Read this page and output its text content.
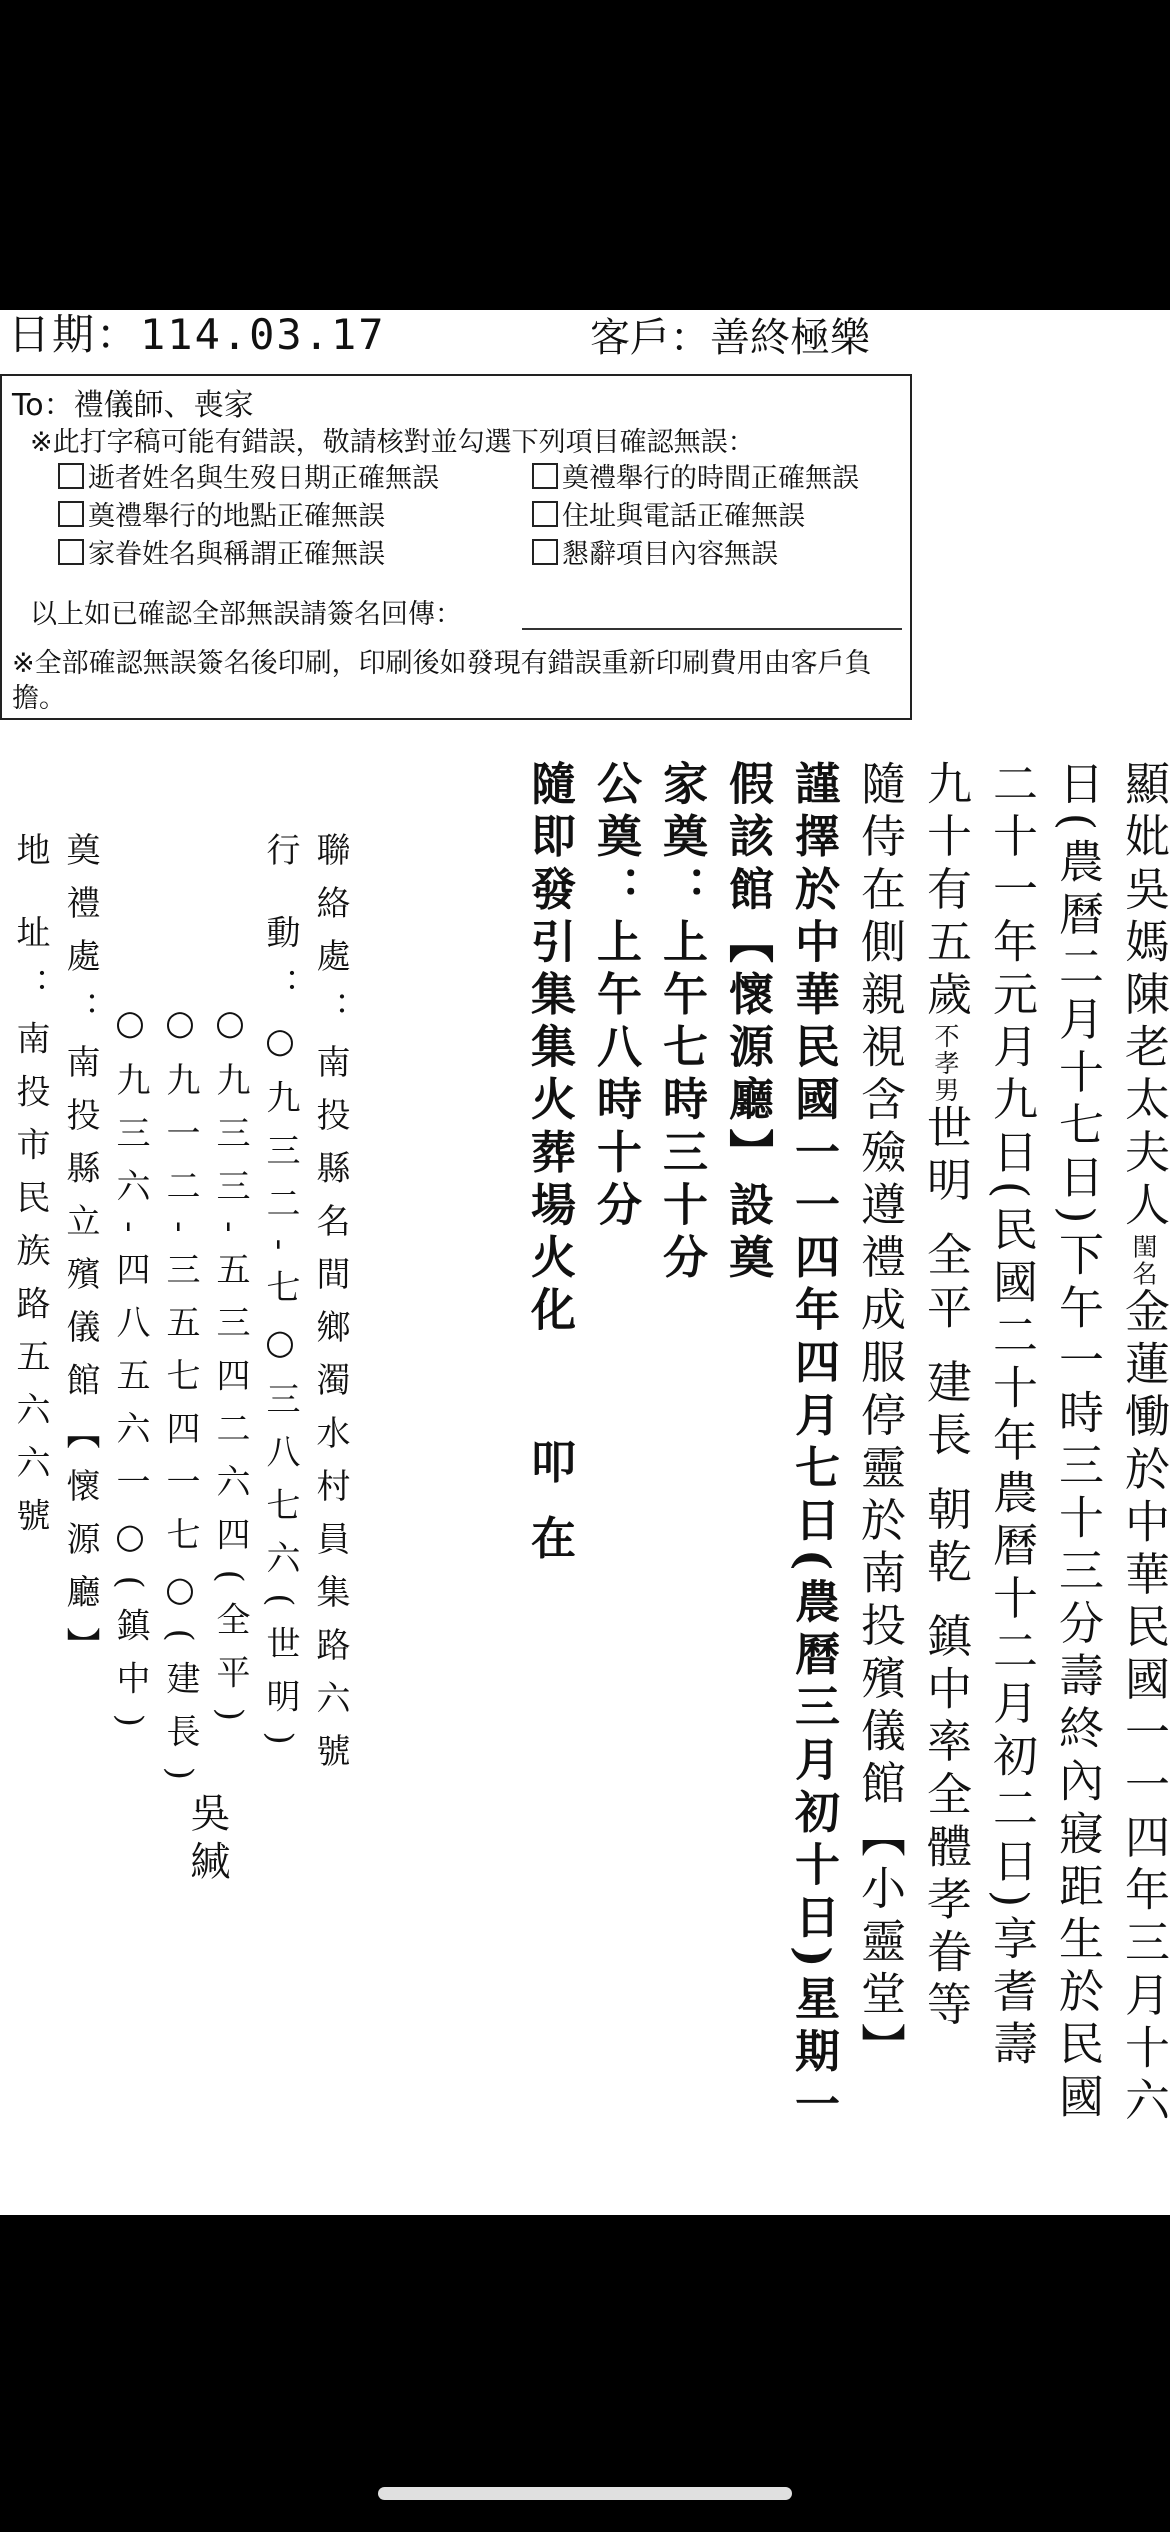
日期：114.03.17	客戶：善終極樂
To：禮儀師、喪家
※此打字稿可能有錯誤，敬請核對並勾選下列項目確認無誤：
逝者姓名與生歿日期正確無誤	奠禮舉行的時間正確無誤
奠禮舉行的地點正確無誤	住址與電話正確無誤
家眷姓名與稱謂正確無誤	懇辭項目內容無誤
以上如已確認全部無誤請簽名回傳：
※全部確認無誤簽名後印刷，印刷後如發現有錯誤重新印刷費用由客戶負擔。
顯妣吳媽陳老太夫人閨名金蓮慟於中華民國一一四年三月十六
日(農曆二月十七日)下午一時三十三分壽終內寢距生於民國
二十一年元月九日(民國二十年農曆十二月初二日)享耆壽
九十有五歲不孝男世明 全平 建長 朝乾 鎮中率全體孝眷等
隨侍在側親視含殮遵禮成服停靈於南投殯儀館【小靈堂】
謹擇於中華民國一一四年四月七日(農曆三月初十日)星期一
假該館【懷源廳】設奠
家奠：上午七時三十分
公奠：上午八時十分
隨即發引集集火葬場火化叩 在
聯絡處：南投縣名間鄉濁水村員集路六號
行 動：○九三二-七○三八七六(世明)
○九三三-五三四二六四(全平)
○九一二-三五七四一七○(建長)
○九三六-四八五六一○(鎮中)
奠禮處：南投縣立殯儀館【懷源廳】
地 址：南投市民族路五六六號
吳緘
